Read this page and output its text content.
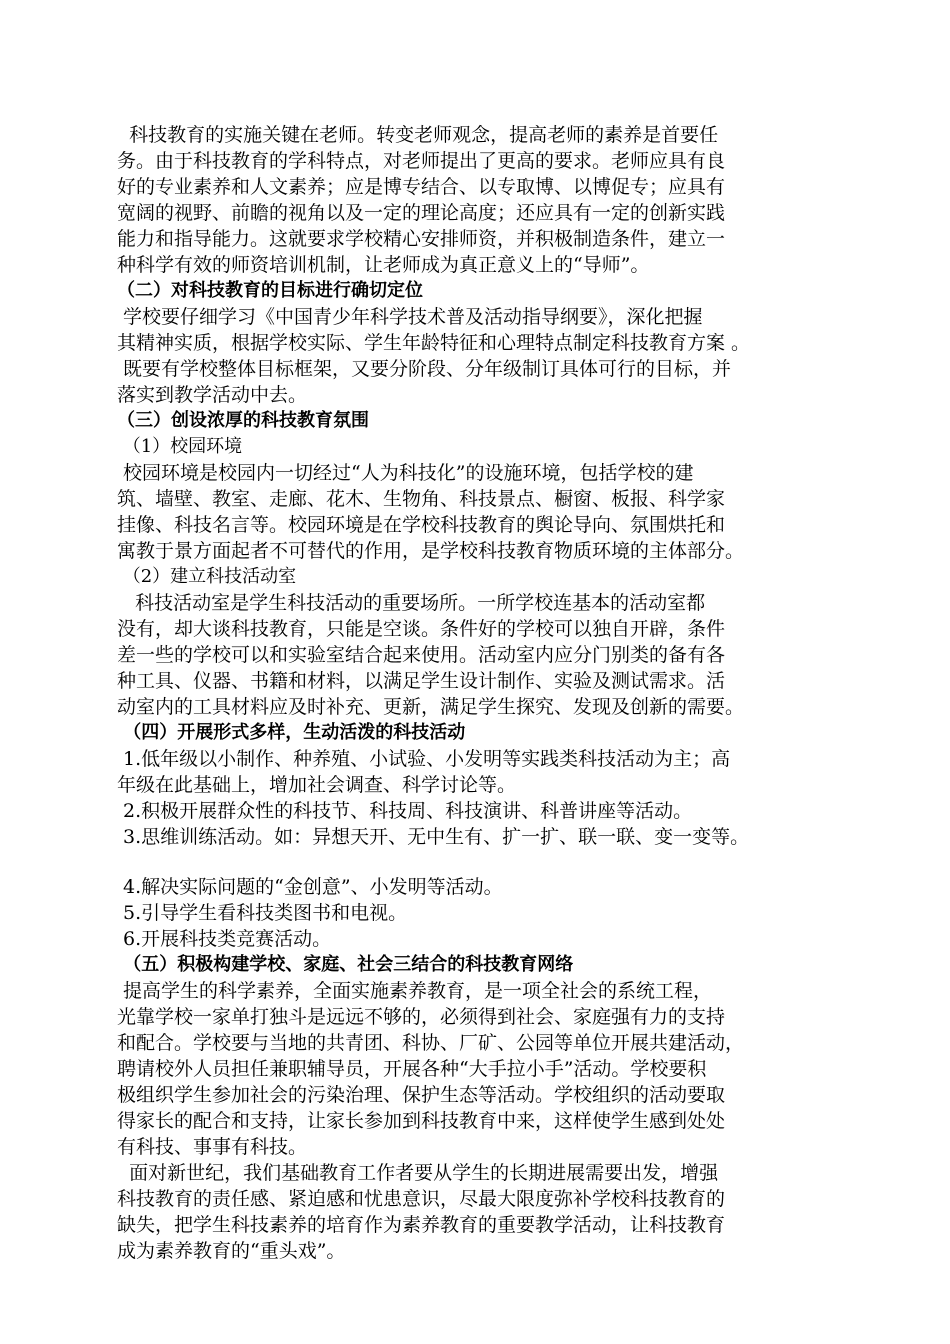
科技教育的实施关键在老师。转变老师观念，提高老师的素养是首要任
务。由于科技教育的学科特点，对老师提出了更高的要求。老师应具有良
好的专业素养和人文素养；应是博专结合、以专取博、以博促专；应具有
宽阔的视野、前瞻的视角以及一定的理论高度；还应具有一定的创新实践
能力和指导能力。这就要求学校精心安排师资，并积极制造条件，建立一
种科学有效的师资培训机制，让老师成为真正意义上的“导师”。
（二）对科技教育的目标进行确切定位
学校要仔细学习《中国青少年科学技术普及活动指导纲要》，深化把握
其精神实质，根据学校实际、学生年龄特征和心理特点制定科技教育方案 。
既要有学校整体目标框架，又要分阶段、分年级制订具体可行的目标，并
落实到教学活动中去。
（三）创设浓厚的科技教育氛围
（1）校园环境
校园环境是校园内一切经过“人为科技化”的设施环境，包括学校的建
筑、墙壁、教室、走廊、花木、生物角、科技景点、橱窗、板报、科学家
挂像、科技名言等。校园环境是在学校科技教育的舆论导向、氛围烘托和
寓教于景方面起者不可替代的作用，是学校科技教育物质环境的主体部分。
（2）建立科技活动室
科技活动室是学生科技活动的重要场所。一所学校连基本的活动室都
没有，却大谈科技教育，只能是空谈。条件好的学校可以独自开辟，条件
差一些的学校可以和实验室结合起来使用。活动室内应分门别类的备有各
种工具、仪器、书籍和材料，以满足学生设计制作、实验及测试需求。活
动室内的工具材料应及时补充、更新，满足学生探究、发现及创新的需要。
（四）开展形式多样，生动活泼的科技活动
1.低年级以小制作、种养殖、小试验、小发明等实践类科技活动为主；高
年级在此基础上，增加社会调查、科学讨论等。
2.积极开展群众性的科技节、科技周、科技演讲、科普讲座等活动。
3.思维训练活动。如：异想天开、无中生有、扩一扩、联一联、变一变等。
4.解决实际问题的“金创意”、小发明等活动。
5.引导学生看科技类图书和电视。
6.开展科技类竞赛活动。
（五）积极构建学校、家庭、社会三结合的科技教育网络
提高学生的科学素养，全面实施素养教育，是一项全社会的系统工程，
光靠学校一家单打独斗是远远不够的，必须得到社会、家庭强有力的支持
和配合。学校要与当地的共青团、科协、厂矿、公园等单位开展共建活动，
聘请校外人员担任兼职辅导员，开展各种“大手拉小手”活动。学校要积
极组织学生参加社会的污染治理、保护生态等活动。学校组织的活动要取
得家长的配合和支持，让家长参加到科技教育中来，这样使学生感到处处
有科技、事事有科技。
面对新世纪，我们基础教育工作者要从学生的长期进展需要出发，增强
科技教育的责任感、紧迫感和忧患意识，尽最大限度弥补学校科技教育的
缺失，把学生科技素养的培育作为素养教育的重要教学活动，让科技教育
成为素养教育的“重头戏”。
